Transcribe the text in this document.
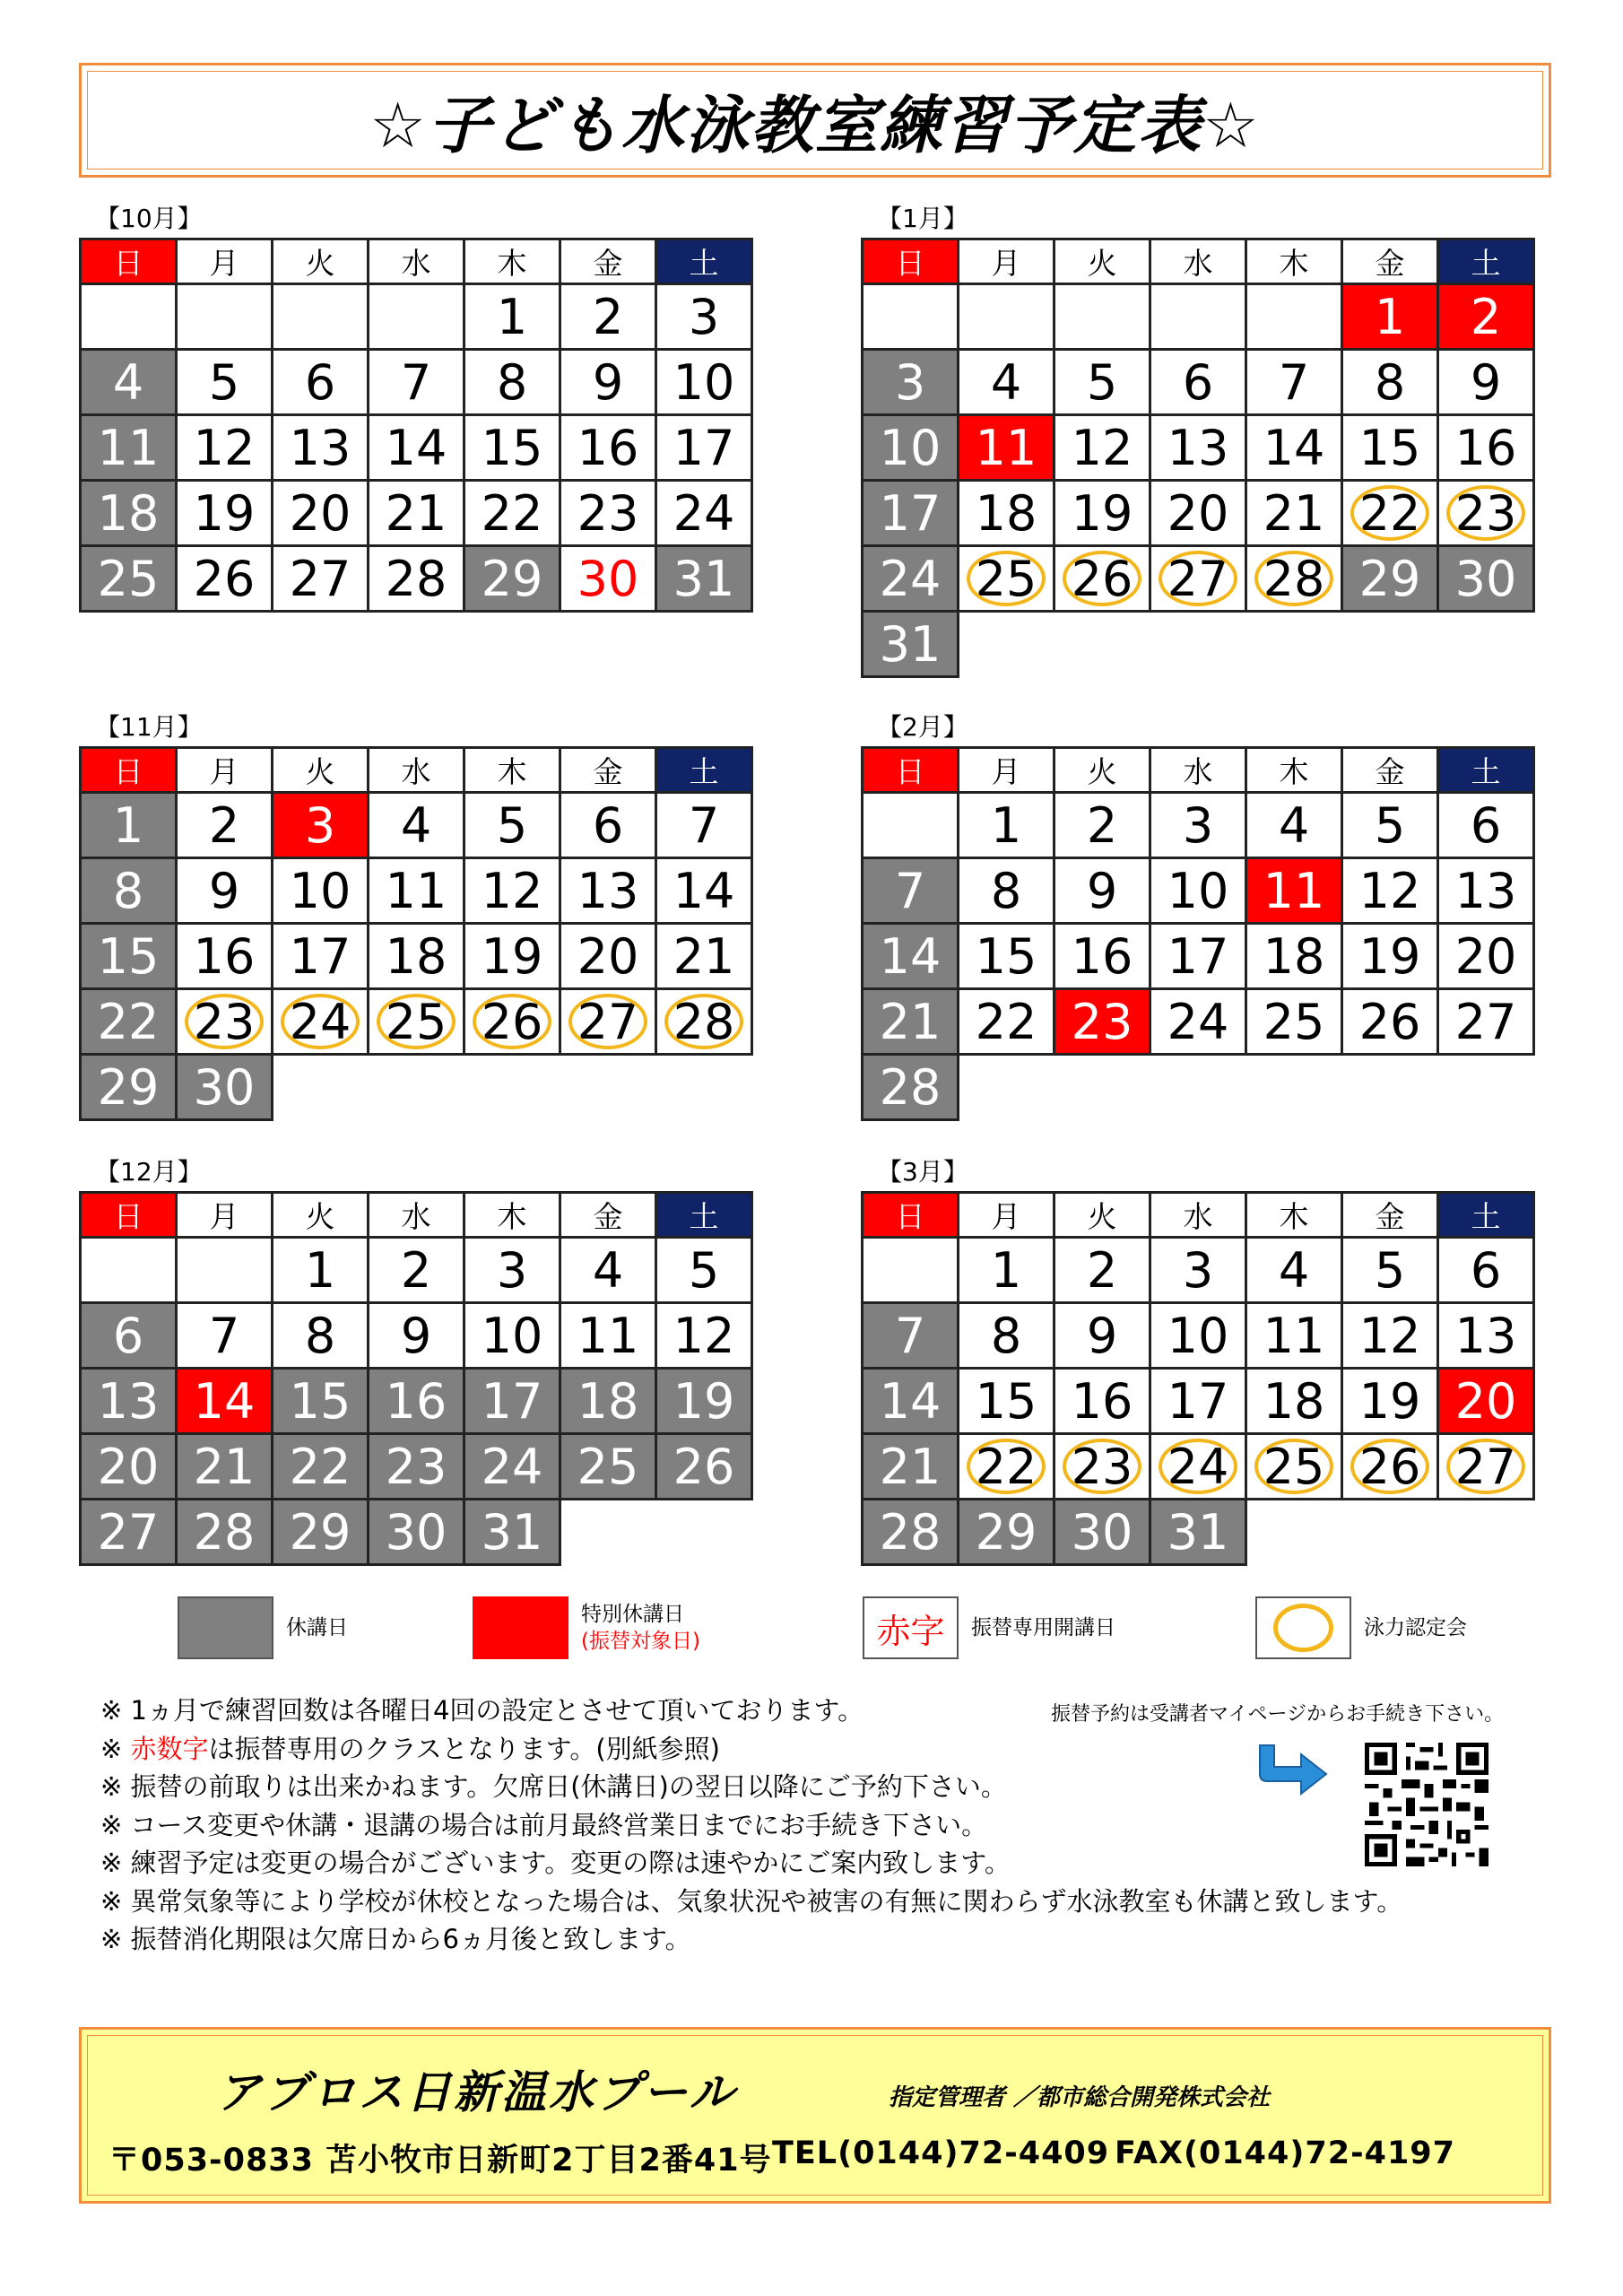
☆子ども水泳教室練習予定表☆
【10月】
日	月	火	水	木	金	土
				1	2	3
4	5	6	7	8	9	10
11	12	13	14	15	16	17
18	19	20	21	22	23	24
25	26	27	28	29	30	31
【1月】
日	月	火	水	木	金	土
					1	2
3	4	5	6	7	8	9
10	11	12	13	14	15	16
17	18	19	20	21	22	23
24	25	26	27	28	29	30
31						
【11月】
日	月	火	水	木	金	土
1	2	3	4	5	6	7
8	9	10	11	12	13	14
15	16	17	18	19	20	21
22	23	24	25	26	27	28
29	30					
【2月】
日	月	火	水	木	金	土
	1	2	3	4	5	6
7	8	9	10	11	12	13
14	15	16	17	18	19	20
21	22	23	24	25	26	27
28						
【12月】
日	月	火	水	木	金	土
		1	2	3	4	5
6	7	8	9	10	11	12
13	14	15	16	17	18	19
20	21	22	23	24	25	26
27	28	29	30	31		
【3月】
日	月	火	水	木	金	土
	1	2	3	4	5	6
7	8	9	10	11	12	13
14	15	16	17	18	19	20
21	22	23	24	25	26	27
28	29	30	31			
休講日
特別休講日
(振替対象日)	赤字	振替専用開講日	泳力認定会
※ 1ヵ月で練習回数は各曜日4回の設定とさせて頂いております。
※ 赤数字は振替専用のクラスとなります。(別紙参照)
※ 振替の前取りは出来かねます。欠席日(休講日)の翌日以降にご予約下さい。
※ コース変更や休講・退講の場合は前月最終営業日までにお手続き下さい。
※ 練習予定は変更の場合がございます。変更の際は速やかにご案内致します。
※ 異常気象等により学校が休校となった場合は、気象状況や被害の有無に関わらず水泳教室も休講と致します。
※ 振替消化期限は欠席日から6ヵ月後と致します。
振替予約は受講者マイページからお手続き下さい。
アブロス日新温水プール	指定管理者 ／都市総合開発株式会社
〒053-0833 苫小牧市日新町2丁目2番41号 TEL(0144)72-4409 FAX(0144)72-4197
